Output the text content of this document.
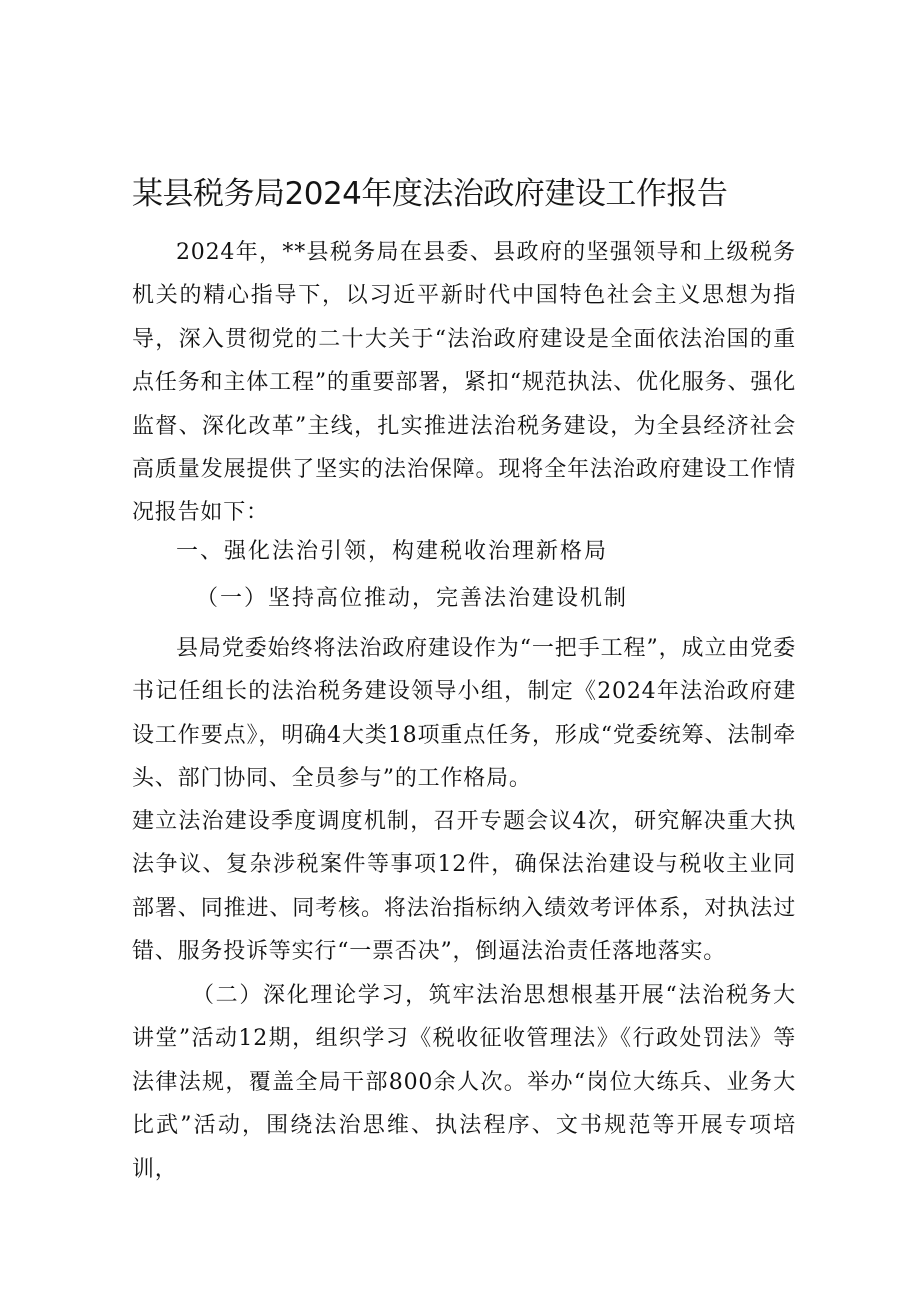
某县税务局2024年度法治政府建设工作报告

2024年，**县税务局在县委、县政府的坚强领导和上级税务机关的精心指导下，以习近平新时代中国特色社会主义思想为指导，深入贯彻党的二十大关于“法治政府建设是全面依法治国的重点任务和主体工程”的重要部署，紧扣“规范执法、优化服务、强化监督、深化改革”主线，扎实推进法治税务建设，为全县经济社会高质量发展提供了坚实的法治保障。现将全年法治政府建设工作情况报告如下：

一、强化法治引领，构建税收治理新格局

（一）坚持高位推动，完善法治建设机制

县局党委始终将法治政府建设作为“一把手工程”，成立由党委书记任组长的法治税务建设领导小组，制定《2024年法治政府建设工作要点》，明确4大类18项重点任务，形成“党委统筹、法制牵头、部门协同、全员参与”的工作格局。

建立法治建设季度调度机制，召开专题会议4次，研究解决重大执法争议、复杂涉税案件等事项12件，确保法治建设与税收主业同部署、同推进、同考核。将法治指标纳入绩效考评体系，对执法过错、服务投诉等实行“一票否决”，倒逼法治责任落地落实。

（二）深化理论学习，筑牢法治思想根基开展“法治税务大讲堂”活动12期，组织学习《税收征收管理法》《行政处罚法》等法律法规，覆盖全局干部800余人次。举办“岗位大练兵、业务大比武”活动，围绕法治思维、执法程序、文书规范等开展专项培训，
